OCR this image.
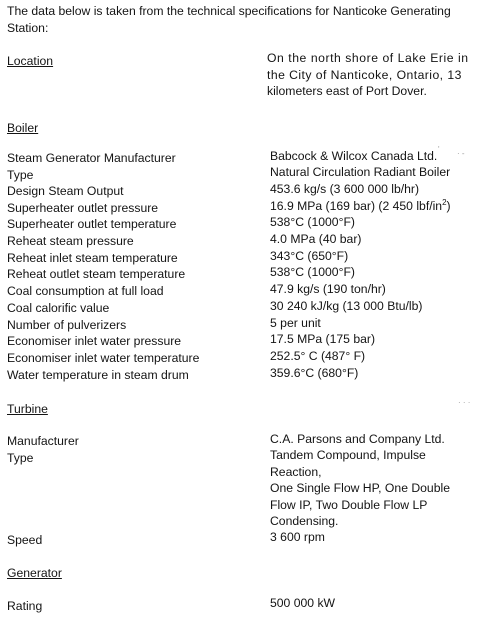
The data below is taken from the technical specifications for Nanticoke Generating
Station:
Location	On the north shore of Lake Erie in
the City of Nanticoke, Ontario, 13
kilometers east of Port Dover.
Boiler
Steam Generator Manufacturer	Babcock & Wilcox Canada Ltd. ' · -
Type	Natural Circulation Radiant Boiler
Design Steam Output	453.6 kg/s (3 600 000 lb/hr)
Superheater outlet pressure	16.9 MPa (169 bar) (2 450 lbf/$in^2$)
Superheater outlet temperature	538°C (1000°F)
Reheat steam pressure	4.0 MPa (40 bar)
Reheat inlet steam temperature	343°C (650°F)
Reheat outlet steam temperature	538°C (1000°F)
Coal consumption at full load	47.9 kg/s (190 ton/hr)
Coal calorific value	30 240 kJ/kg (13 000 Btu/lb)
Number of pulverizers	5 per unit
Economiser inlet water pressure	17.5 MPa (175 bar)
Economiser inlet water temperature	252.5° C (487° F)
Water temperature in steam drum	359.6°C (680°F)
Turbine	· · ·
Manufacturer	C.A. Parsons and Company Ltd.
Type	Tandem Compound, Impulse
Reaction,
One Single Flow HP, One Double
Flow IP, Two Double Flow LP
Condensing.
Speed	3 600 rpm
Generator
Rating	500 000 kW
